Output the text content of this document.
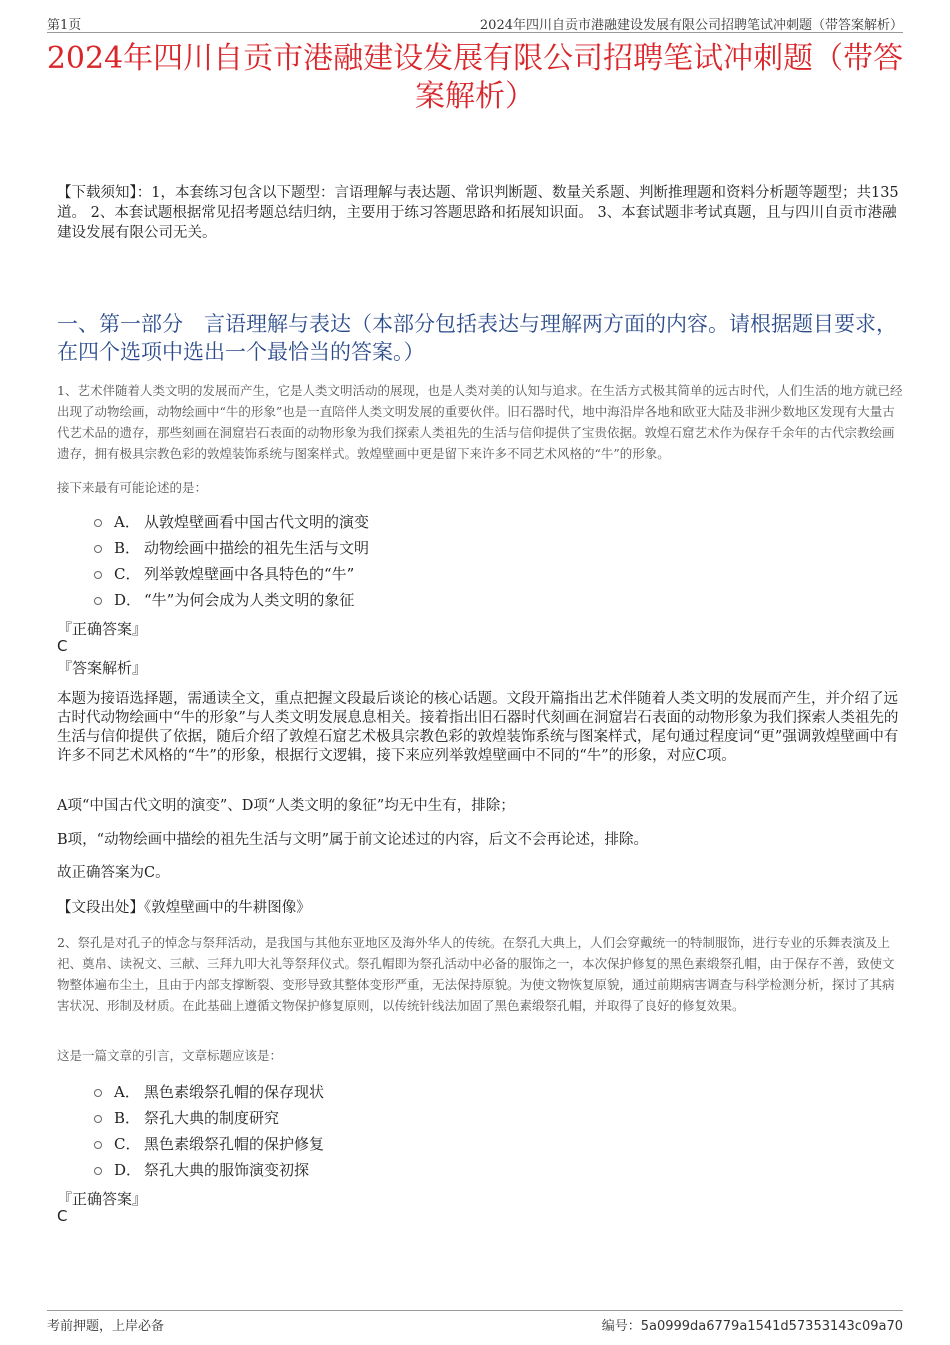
第1页	2024年四川自贡市港融建设发展有限公司招聘笔试冲刺题（带答案解析）
2024年四川自贡市港融建设发展有限公司招聘笔试冲刺题（带答案解析）
【下载须知】：1，本套练习包含以下题型：言语理解与表达题、常识判断题、数量关系题、判断推理题和资料分析题等题型；共135道。 2、本套试题根据常见招考题总结归纳，主要用于练习答题思路和拓展知识面。 3、本套试题非考试真题，且与四川自贡市港融建设发展有限公司无关。
一、第一部分　言语理解与表达（本部分包括表达与理解两方面的内容。请根据题目要求，在四个选项中选出一个最恰当的答案。）
1、艺术伴随着人类文明的发展而产生，它是人类文明活动的展现，也是人类对美的认知与追求。在生活方式极其简单的远古时代，人们生活的地方就已经出现了动物绘画，动物绘画中“牛的形象”也是一直陪伴人类文明发展的重要伙伴。旧石器时代，地中海沿岸各地和欧亚大陆及非洲少数地区发现有大量古代艺术品的遗存，那些刻画在洞窟岩石表面的动物形象为我们探索人类祖先的生活与信仰提供了宝贵依据。敦煌石窟艺术作为保存千余年的古代宗教绘画遗存，拥有极具宗教色彩的敦煌装饰系统与图案样式。敦煌壁画中更是留下来许多不同艺术风格的“牛”的形象。
接下来最有可能论述的是：
A． 从敦煌壁画看中国古代文明的演变
B． 动物绘画中描绘的祖先生活与文明
C． 列举敦煌壁画中各具特色的“牛”
D． “牛”为何会成为人类文明的象征
『正确答案』
C
『答案解析』
本题为接语选择题，需通读全文，重点把握文段最后谈论的核心话题。文段开篇指出艺术伴随着人类文明的发展而产生，并介绍了远古时代动物绘画中“牛的形象”与人类文明发展息息相关。接着指出旧石器时代刻画在洞窟岩石表面的动物形象为我们探索人类祖先的生活与信仰提供了依据，随后介绍了敦煌石窟艺术极具宗教色彩的敦煌装饰系统与图案样式，尾句通过程度词“更”强调敦煌壁画中有许多不同艺术风格的“牛”的形象，根据行文逻辑，接下来应列举敦煌壁画中不同的“牛”的形象，对应C项。
A项“中国古代文明的演变”、D项“人类文明的象征”均无中生有，排除；
B项，“动物绘画中描绘的祖先生活与文明”属于前文论述过的内容，后文不会再论述，排除。
故正确答案为C。
【文段出处】《敦煌壁画中的牛耕图像》
2、祭孔是对孔子的悼念与祭拜活动，是我国与其他东亚地区及海外华人的传统。在祭孔大典上，人们会穿戴统一的特制服饰，进行专业的乐舞表演及上祀、奠帛、读祝文、三献、三拜九叩大礼等祭拜仪式。祭孔帽即为祭孔活动中必备的服饰之一，本次保护修复的黑色素缎祭孔帽，由于保存不善，致使文物整体遍布尘土，且由于内部支撑断裂、变形导致其整体变形严重，无法保持原貌。为使文物恢复原貌，通过前期病害调查与科学检测分析，探讨了其病害状况、形制及材质。在此基础上遵循文物保护修复原则，以传统针线法加固了黑色素缎祭孔帽，并取得了良好的修复效果。
这是一篇文章的引言，文章标题应该是：
A． 黑色素缎祭孔帽的保存现状
B． 祭孔大典的制度研究
C． 黑色素缎祭孔帽的保护修复
D． 祭孔大典的服饰演变初探
『正确答案』
C
考前押题，上岸必备	编号：5a0999da6779a1541d57353143c09a70
